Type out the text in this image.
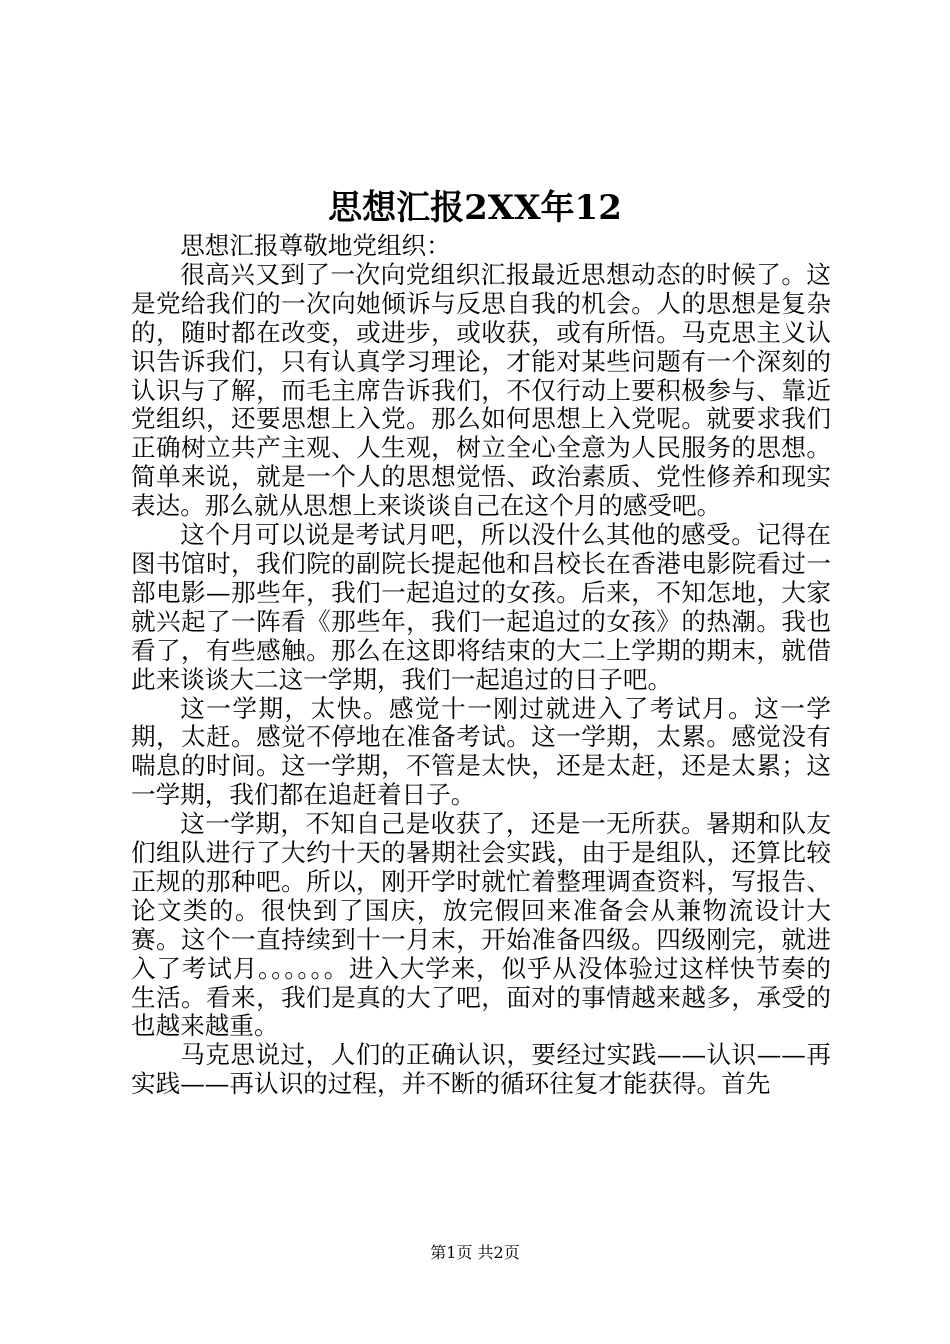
思想汇报2XX年12

思想汇报尊敬地党组织：

很高兴又到了一次向党组织汇报最近思想动态的时候了。这是党给我们的一次向她倾诉与反思自我的机会。人的思想是复杂的，随时都在改变，或进步，或收获，或有所悟。马克思主义认识告诉我们，只有认真学习理论，才能对某些问题有一个深刻的认识与了解，而毛主席告诉我们，不仅行动上要积极参与、靠近党组织，还要思想上入党。那么如何思想上入党呢。就要求我们正确树立共产主观、人生观，树立全心全意为人民服务的思想。简单来说，就是一个人的思想觉悟、政治素质、党性修养和现实表达。那么就从思想上来谈谈自己在这个月的感受吧。

这个月可以说是考试月吧，所以没什么其他的感受。记得在图书馆时，我们院的副院长提起他和吕校长在香港电影院看过一部电影—那些年，我们一起追过的女孩。后来，不知怎地，大家就兴起了一阵看《那些年，我们一起追过的女孩》的热潮。我也看了，有些感触。那么在这即将结束的大二上学期的期末，就借此来谈谈大二这一学期，我们一起追过的日子吧。

这一学期，太快。感觉十一刚过就进入了考试月。这一学期，太赶。感觉不停地在准备考试。这一学期，太累。感觉没有喘息的时间。这一学期，不管是太快，还是太赶，还是太累；这一学期，我们都在追赶着日子。

这一学期，不知自己是收获了，还是一无所获。暑期和队友们组队进行了大约十天的暑期社会实践，由于是组队，还算比较正规的那种吧。所以，刚开学时就忙着整理调查资料，写报告、论文类的。很快到了国庆，放完假回来准备会从兼物流设计大赛。这个一直持续到十一月末，开始准备四级。四级刚完，就进入了考试月。。。。。。进入大学来，似乎从没体验过这样快节奏的生活。看来，我们是真的大了吧，面对的事情越来越多，承受的也越来越重。

马克思说过，人们的正确认识，要经过实践——认识——再实践——再认识的过程，并不断的循环往复才能获得。首先

第1页 共2页
